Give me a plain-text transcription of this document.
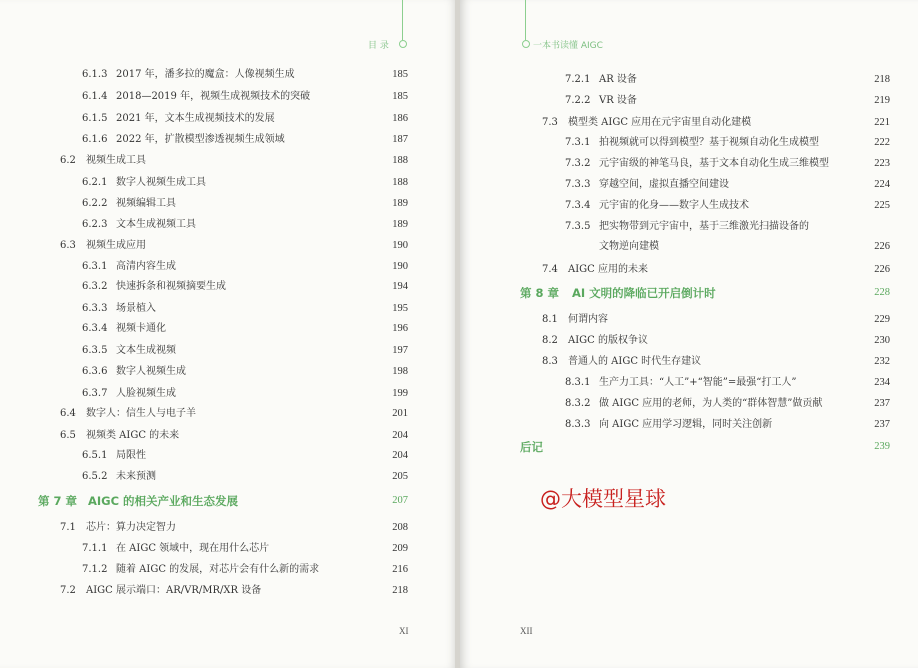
目 录
6.1.3 2017 年，潘多拉的魔盒：人像视频生成	185
6.1.4 2018—2019 年，视频生成视频技术的突破	185
6.1.5 2021 年，文本生成视频技术的发展	186
6.1.6 2022 年，扩散模型渗透视频生成领域	187
6.2 视频生成工具	188
6.2.1 数字人视频生成工具	188
6.2.2 视频编辑工具	189
6.2.3 文本生成视频工具	189
6.3 视频生成应用	190
6.3.1 高清内容生成	190
6.3.2 快速拆条和视频摘要生成	194
6.3.3 场景植入	195
6.3.4 视频卡通化	196
6.3.5 文本生成视频	197
6.3.6 数字人视频生成	198
6.3.7 人脸视频生成	199
6.4 数字人：信生人与电子羊	201
6.5 视频类 AIGC 的未来	204
6.5.1 局限性	204
6.5.2 未来预测	205
第 7 章 AIGC 的相关产业和生态发展	207
7.1 芯片：算力决定智力	208
7.1.1 在 AIGC 领域中，现在用什么芯片	209
7.1.2 随着 AIGC 的发展，对芯片会有什么新的需求	216
7.2 AIGC 展示端口：AR/VR/MR/XR 设备	218
XI
一本书读懂 AIGC
7.2.1 AR 设备	218
7.2.2 VR 设备	219
7.3 模型类 AIGC 应用在元宇宙里自动化建模	221
7.3.1 拍视频就可以得到模型？基于视频自动化生成模型	222
7.3.2 元宇宙级的神笔马良，基于文本自动化生成三维模型	223
7.3.3 穿越空间，虚拟直播空间建设	224
7.3.4 元宇宙的化身——数字人生成技术	225
7.3.5 把实物带到元宇宙中，基于三维激光扫描设备的
文物逆向建模	226
7.4 AIGC 应用的未来	226
第 8 章 AI 文明的降临已开启倒计时	228
8.1 何谓内容	229
8.2 AIGC 的版权争议	230
8.3 普通人的 AIGC 时代生存建议	232
8.3.1 生产力工具：“人工”+“智能”=最强“打工人”	234
8.3.2 做 AIGC 应用的老师，为人类的“群体智慧”做贡献	237
8.3.3 向 AIGC 应用学习逻辑，同时关注创新	237
后记	239
XII
@大模型星球
